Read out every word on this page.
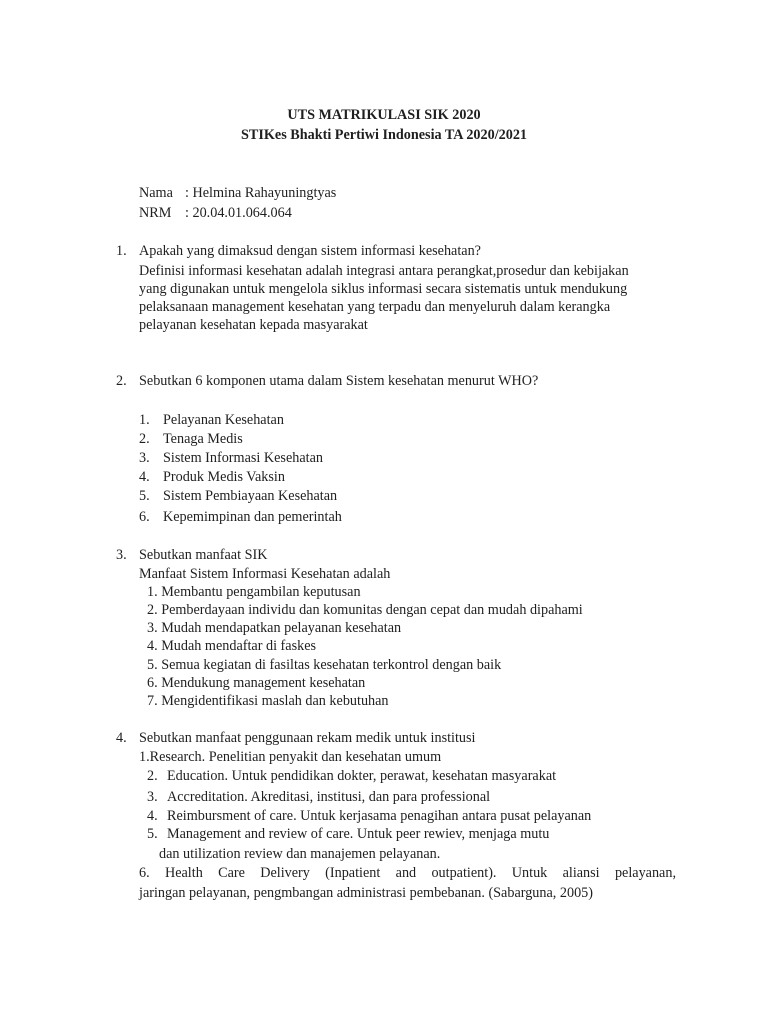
UTS MATRIKULASI SIK 2020
STIKes Bhakti Pertiwi Indonesia TA 2020/2021
Nama : Helmina Rahayuningtyas
NRM : 20.04.01.064.064
1. Apakah yang dimaksud dengan sistem informasi kesehatan?
Definisi informasi kesehatan adalah integrasi antara perangkat,prosedur dan kebijakan
yang digunakan untuk mengelola siklus informasi secara sistematis untuk mendukung
pelaksanaan management kesehatan yang terpadu dan menyeluruh dalam kerangka
pelayanan kesehatan kepada masyarakat
2. Sebutkan 6 komponen utama dalam Sistem kesehatan menurut WHO?
1. Pelayanan Kesehatan
2. Tenaga Medis
3. Sistem Informasi Kesehatan
4. Produk Medis Vaksin
5. Sistem Pembiayaan Kesehatan
6. Kepemimpinan dan pemerintah
3. Sebutkan manfaat SIK
Manfaat Sistem Informasi Kesehatan adalah
1. Membantu pengambilan keputusan
2. Pemberdayaan individu dan komunitas dengan cepat dan mudah dipahami
3. Mudah mendapatkan pelayanan kesehatan
4. Mudah mendaftar di faskes
5. Semua kegiatan di fasiltas kesehatan terkontrol dengan baik
6. Mendukung management kesehatan
7. Mengidentifikasi maslah dan kebutuhan
4. Sebutkan manfaat penggunaan rekam medik untuk institusi
1.Research. Penelitian penyakit dan kesehatan umum
2. Education. Untuk pendidikan dokter, perawat, kesehatan masyarakat
3. Accreditation. Akreditasi, institusi, dan para professional
4. Reimbursment of care. Untuk kerjasama penagihan antara pusat pelayanan
5. Management and review of care. Untuk peer rewiev, menjaga mutu
dan utilization review dan manajemen pelayanan.
6. Health Care Delivery (Inpatient and outpatient). Untuk aliansi pelayanan,
jaringan pelayanan, pengmbangan administrasi pembebanan. (Sabarguna, 2005)
